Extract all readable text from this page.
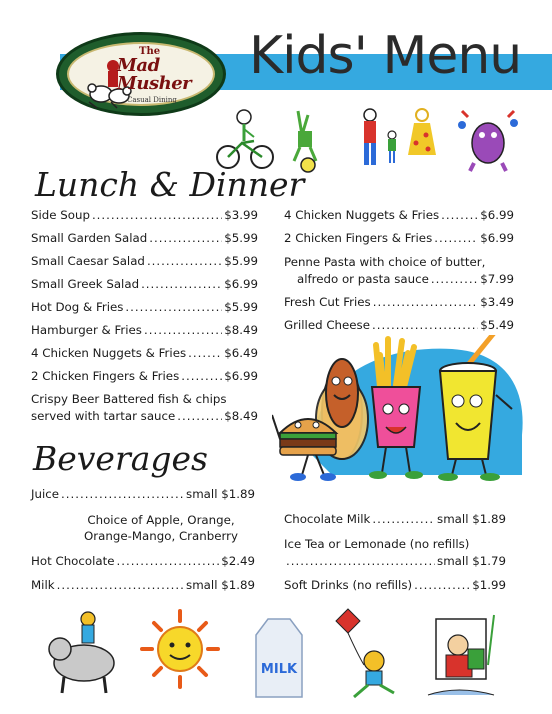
The
Mad
Musher
Casual Dining
Kids' Menu
Lunch & Dinner
Side Soup .....	$3.99
Small Garden Salad .....	$5.99
Small Caesar Salad .....	$5.99
Small Greek Salad .....	$6.99
Hot Dog & Fries .....	$5.99
Hamburger & Fries .....	$8.49
4 Chicken Nuggets & Fries .....	$6.49
2 Chicken Fingers & Fries .....	$6.99
Crispy Beer Battered fish & chips
served with tartar sauce .....	$8.49
4 Chicken Nuggets & Fries .....	$6.99
2 Chicken Fingers & Fries .....	$6.99
Penne Pasta with choice of butter,
alfredo or pasta sauce .....	$7.99
Fresh Cut Fries .....	$3.49
Grilled Cheese .....	$5.49
Beverages
Juice .....	small $1.89
Choice of Apple, Orange,
Orange-Mango, Cranberry
Hot Chocolate .....	$2.49
Milk .....	small $1.89
Chocolate Milk .....	small $1.89
Ice Tea or Lemonade (no refills)
.....
small $1.79
Soft Drinks (no refills) .....	$1.99
MILK
